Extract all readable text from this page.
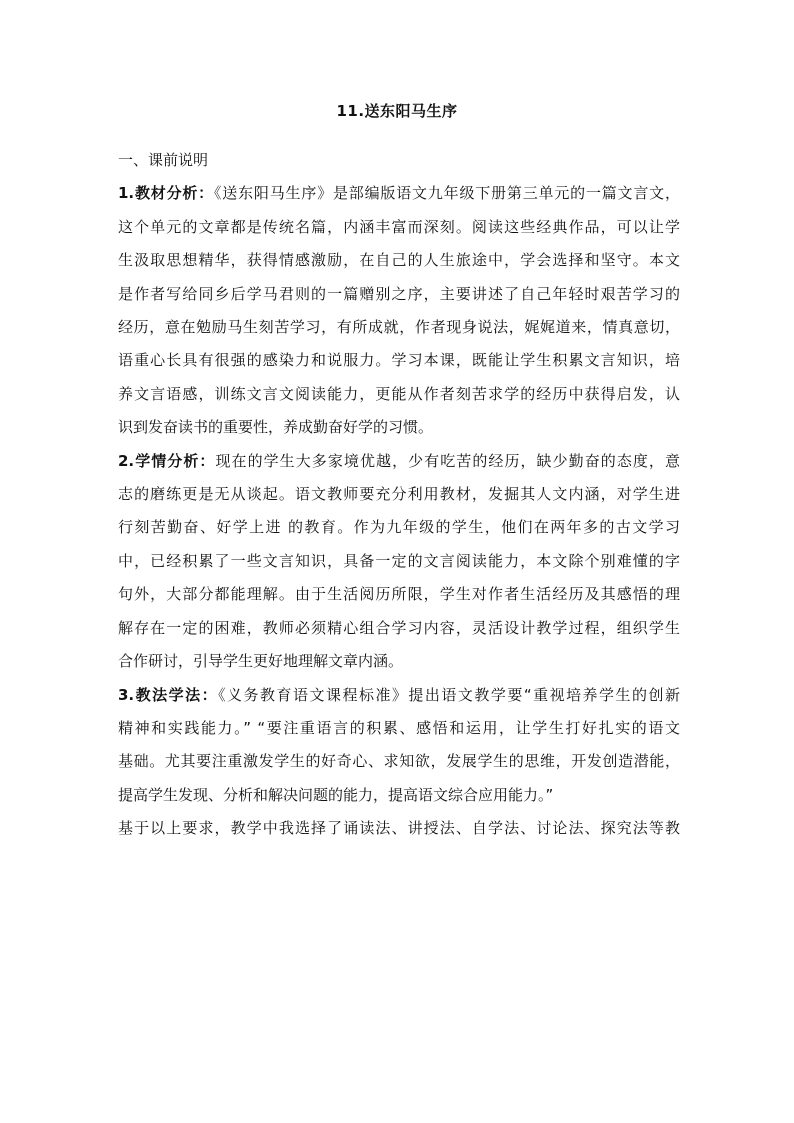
11.送东阳马生序
一、课前说明
1.教材分析：《送东阳马生序》是部编版语文九年级下册第三单元的一篇文言文，
这个单元的文章都是传统名篇，内涵丰富而深刻。阅读这些经典作品，可以让学
生汲取思想精华，获得情感激励，在自己的人生旅途中，学会选择和坚守。本文
是作者写给同乡后学马君则的一篇赠别之序，主要讲述了自己年轻时艰苦学习的
经历，意在勉励马生刻苦学习，有所成就，作者现身说法，娓娓道来，情真意切，
语重心长具有很强的感染力和说服力。学习本课，既能让学生积累文言知识，培
养文言语感，训练文言文阅读能力，更能从作者刻苦求学的经历中获得启发，认
识到发奋读书的重要性，养成勤奋好学的习惯。
2.学情分析：现在的学生大多家境优越，少有吃苦的经历，缺少勤奋的态度，意
志的磨练更是无从谈起。语文教师要充分利用教材，发掘其人文内涵，对学生进
行刻苦勤奋、好学上进 的教育。作为九年级的学生，他们在两年多的古文学习
中，已经积累了一些文言知识，具备一定的文言阅读能力，本文除个别难懂的字
句外，大部分都能理解。由于生活阅历所限，学生对作者生活经历及其感悟的理
解存在一定的困难，教师必须精心组合学习内容，灵活设计教学过程，组织学生
合作研讨，引导学生更好地理解文章内涵。
3.教法学法：《义务教育语文课程标准》提出语文教学要“重视培养学生的创新
精神和实践能力。” “要注重语言的积累、感悟和运用，让学生打好扎实的语文
基础。尤其要注重激发学生的好奇心、求知欲，发展学生的思维，开发创造潜能，
提高学生发现、分析和解决问题的能力，提高语文综合应用能力。”
基于以上要求，教学中我选择了诵读法、讲授法、自学法、讨论法、探究法等教
